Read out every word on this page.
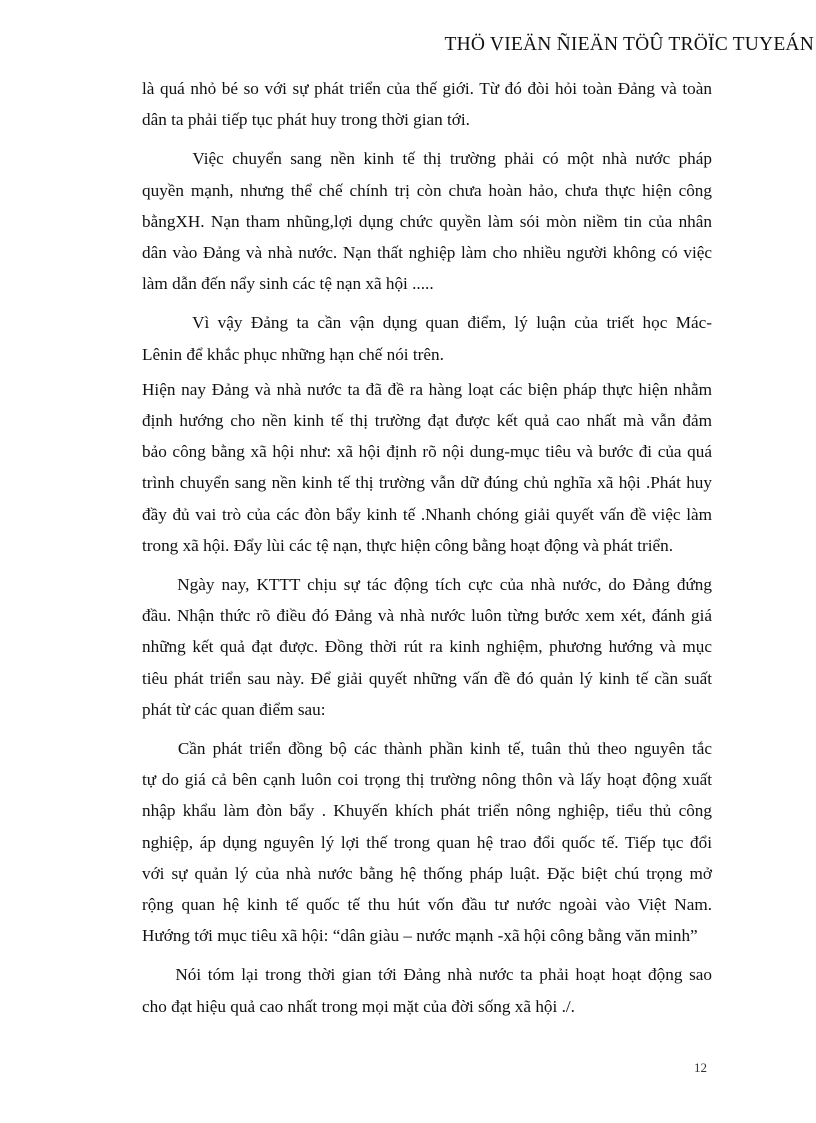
THÖ VIEÄN ÑIEÄN TÖÛ TRÖÏC TUYEÁN
là quá nhỏ bé so với sự phát triển của thế giới. Từ đó đòi hỏi toàn Đảng và toàn
dân ta phải tiếp tục phát huy trong thời gian tới.
Việc chuyển sang nền kinh tế thị trường phải có một nhà nước pháp
quyền mạnh, nhưng thể chế chính trị còn chưa hoàn hảo, chưa thực hiện công
bằngXH. Nạn tham nhũng,lợi dụng chức quyền làm sói mòn niềm tin của nhân
dân vào Đảng và nhà nước. Nạn thất nghiệp làm cho nhiều người không có việc
làm dẫn đến nẩy sinh các tệ nạn xã hội .....
Vì vậy Đảng ta cần vận dụng quan điểm, lý luận của triết học Mác-
Lênin để khắc phục những hạn chế nói trên.
Hiện nay Đảng và nhà nước ta đã đề ra hàng loạt các biện pháp thực hiện nhằm
định hướng cho nền kinh tế thị trường đạt được kết quả cao nhất mà vẫn đảm
bảo công bằng xã hội như: xã hội định rõ nội dung-mục tiêu và bước đi của quá
trình chuyển sang nền kinh tế thị trường vẫn dữ đúng chủ nghĩa xã hội .Phát huy
đầy đủ vai trò của các đòn bẩy kinh tế .Nhanh chóng giải quyết vấn đề việc làm
trong xã hội. Đẩy lùi các tệ nạn, thực hiện công bằng hoạt động và phát triển.
Ngày nay, KTTT chịu sự tác động tích cực của nhà nước, do Đảng đứng
đầu. Nhận thức rõ điều đó Đảng và nhà nước luôn từng bước xem xét, đánh giá
những kết quả đạt được. Đồng thời rút ra kinh nghiệm, phương hướng và mục
tiêu phát triển sau này. Để giải quyết những vấn đề đó quản lý kinh tế cần suất
phát từ các quan điểm sau:
Cần phát triển đồng bộ các thành phần kinh tế, tuân thủ theo nguyên tắc
tự do giá cả bên cạnh luôn coi trọng thị trường nông thôn và lấy hoạt động xuất
nhập khẩu làm đòn bẩy . Khuyến khích phát triển nông nghiệp, tiểu thủ công
nghiệp, áp dụng nguyên lý lợi thế trong quan hệ trao đổi quốc tế. Tiếp tục đổi
với sự quản lý của nhà nước bằng hệ thống pháp luật. Đặc biệt chú trọng mở
rộng quan hệ kinh tế quốc tế thu hút vốn đầu tư nước ngoài vào Việt Nam.
Hướng tới mục tiêu xã hội: “dân giàu – nước mạnh -xã hội công bằng văn minh”
Nói tóm lại trong thời gian tới Đảng nhà nước ta phải hoạt hoạt động sao
cho đạt hiệu quả cao nhất trong mọi mặt của đời sống xã hội ./.
12
